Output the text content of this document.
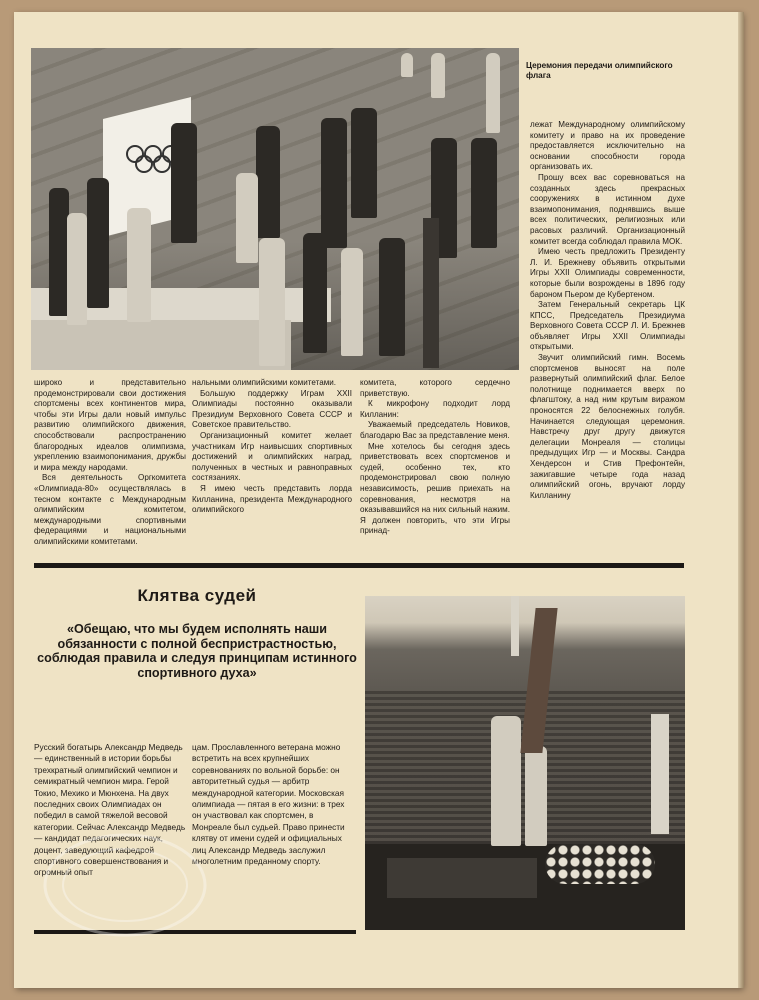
Церемония передачи олимпийского флага

лежат Международному олимпийскому комитету и право на их проведение предоставляется исключительно на основании способности города организовать их.

Прошу всех вас соревноваться на созданных здесь прекрасных сооружениях в истинном духе взаимопонимания, поднявшись выше всех политических, религиозных или расовых различий. Организационный комитет всегда соблюдал правила МОК.

Имею честь предложить Президенту Л. И. Брежневу объявить открытыми Игры XXII Олимпиады современности, которые были возрождены в 1896 году бароном Пьером де Кубертеном.

Затем Генеральный секретарь ЦК КПСС, Председатель Президиума Верховного Совета СССР Л. И. Брежнев объявляет Игры XXII Олимпиады открытыми.

Звучит олимпийский гимн. Восемь спортсменов выносят на поле развернутый олимпийский флаг. Белое полотнище поднимается вверх по флагштоку, а над ним крутым виражом проносятся 22 белоснежных голубя. Начинается следующая церемония. Навстречу друг другу движутся делегации Монреаля — столицы предыдущих Игр — и Москвы. Сандра Хендерсон и Стив Префонтейн, зажигавшие четыре года назад олимпийский огонь, вручают лорду Килланину

широко и представительно продемонстрировали свои достижения спортсмены всех континентов мира, чтобы эти Игры дали новый импульс развитию олимпийского движения, способствовали распространению благородных идеалов олимпизма, укреплению взаимопонимания, дружбы и мира между народами.

Вся деятельность Оргкомитета «Олимпиада-80» осуществлялась в тесном контакте с Международным олимпийским комитетом, международными спортивными федерациями и национальными олимпийскими комитетами.

нальными олимпийскими комитетами.

Большую поддержку Играм XXII Олимпиады постоянно оказывали Президиум Верховного Совета СССР и Советское правительство.

Организационный комитет желает участникам Игр наивысших спортивных достижений и олимпийских наград, полученных в честных и равноправных состязаниях.

Я имею честь представить лорда Килланина, президента Международного олимпийского

комитета, которого сердечно приветствую.

К микрофону подходит лорд Килланин:

Уважаемый председатель Новиков, благодарю Вас за представление меня.

Мне хотелось бы сегодня здесь приветствовать всех спортсменов и судей, особенно тех, кто продемонстрировал свою полную независимость, решив приехать на соревнования, несмотря на оказывавшийся на них сильный нажим. Я должен повторить, что эти Игры принад-

Клятва судей
«Обещаю, что мы будем исполнять наши обязанности с полной беспристрастностью, соблюдая правила и следуя принципам истинного спортивного духа»
Русский богатырь Александр Медведь — единственный в истории борьбы трехкратный олимпийский чемпион и семикратный чемпион мира. Герой Токио, Мехико и Мюнхена. На двух последних своих Олимпиадах он победил в самой тяжелой весовой категории. Сейчас Александр Медведь — кандидат педагогических наук, доцент, заведующий кафедрой спортивного совершенствования и огромный опыт
цам. Прославленного ветерана можно встретить на всех крупнейших соревнованиях по вольной борьбе: он авторитетный судья — арбитр международной категории. Московская олимпиада — пятая в его жизни: в трех он участвовал как спортсмен, в Монреале был судьей. Право принести клятву от имени судей и официальных лиц Александр Медведь заслужил многолетним преданному спорту.
